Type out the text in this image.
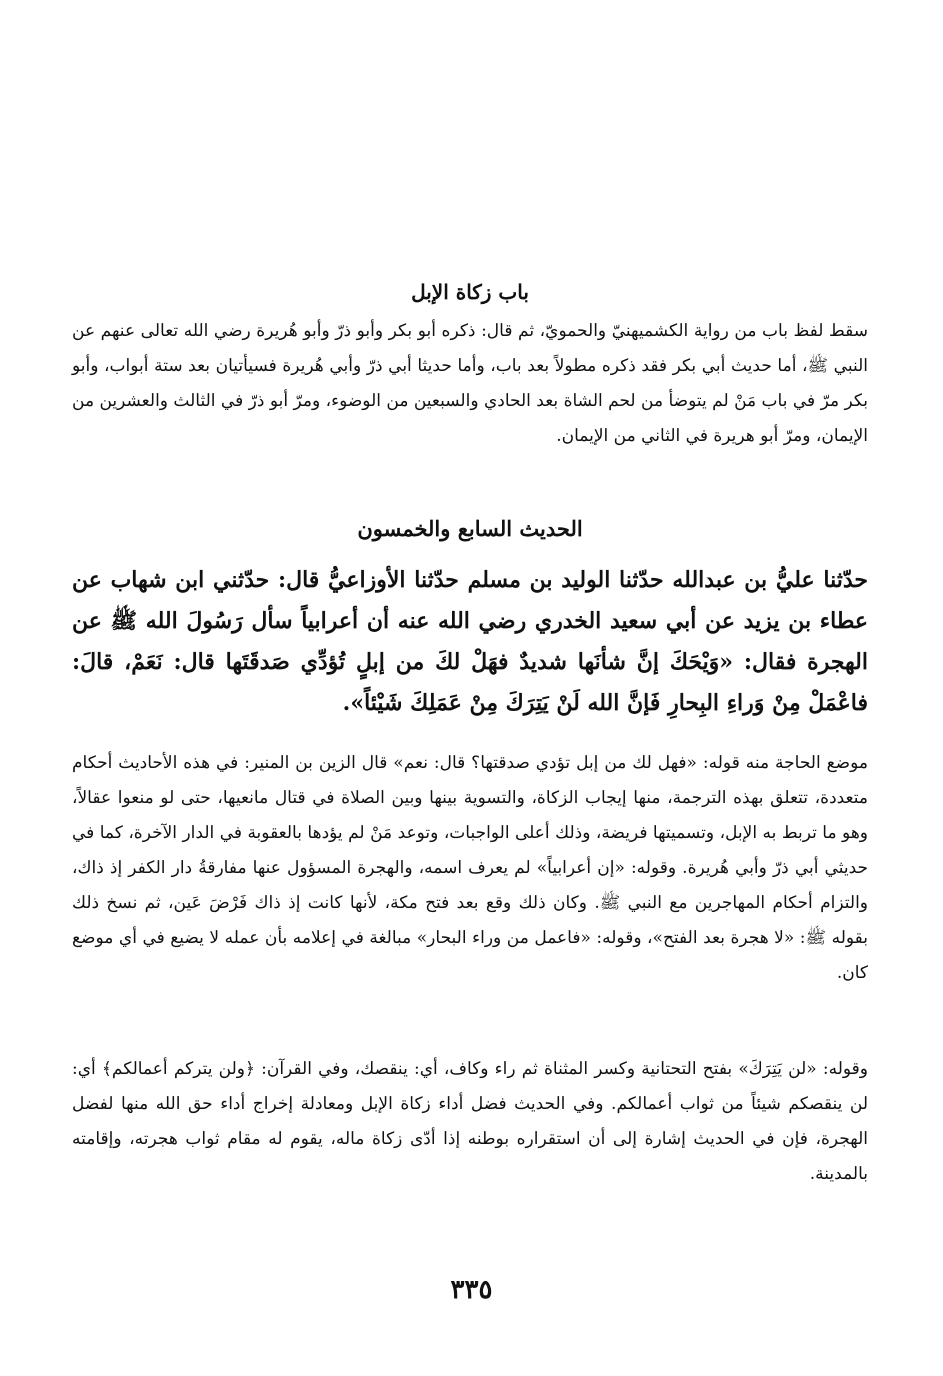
باب زكاة الإبل

سقط لفظ باب من رواية الكشميهنيّ والحمويّ، ثم قال: ذكره أبو بكر وأبو ذرّ وأبو هُريرة رضي الله تعالى عنهم عن النبي ﷺ، أما حديث أبي بكر فقد ذكره مطولاً بعد باب، وأما حديثا أبي ذرّ وأبي هُريرة فسيأتيان بعد ستة أبواب، وأبو بكر مرّ في باب مَنْ لم يتوضأ من لحم الشاة بعد الحادي والسبعين من الوضوء، ومرّ أبو ذرّ في الثالث والعشرين من الإيمان، ومرّ أبو هريرة في الثاني من الإيمان.

الحديث السابع والخمسون

حدّثنا عليُّ بن عبدالله حدّثنا الوليد بن مسلم حدّثنا الأوزاعيُّ قال: حدّثني ابن شهاب عن عطاء بن يزيد عن أبي سعيد الخدري رضي الله عنه أن أعرابياً سأل رَسُولَ الله ﷺ عن الهجرة فقال: «وَيْحَكَ إنَّ شأنَها شديدٌ فهَلْ لكَ من إبلٍ تُؤدِّي صَدقَتَها قال: نَعَمْ، قالَ: فاعْمَلْ مِنْ وَراءِ البِحارِ فَإنَّ الله لَنْ يَتِرَكَ مِنْ عَمَلِكَ شَيْئاً».

موضع الحاجة منه قوله: «فهل لك من إبل تؤدي صدقتها؟ قال: نعم» قال الزين بن المنير: في هذه الأحاديث أحكام متعددة، تتعلق بهذه الترجمة، منها إيجاب الزكاة، والتسوية بينها وبين الصلاة في قتال مانعيها، حتى لو منعوا عقالاً، وهو ما تربط به الإبل، وتسميتها فريضة، وذلك أعلى الواجبات، وتوعد مَنْ لم يؤدها بالعقوبة في الدار الآخرة، كما في حديثي أبي ذرّ وأبي هُريرة. وقوله: «إن أعرابياً» لم يعرف اسمه، والهجرة المسؤول عنها مفارقةُ دار الكفر إذ ذاك، والتزام أحكام المهاجرين مع النبي ﷺ. وكان ذلك وقع بعد فتح مكة، لأنها كانت إذ ذاك فَرْضَ عَين، ثم نسخ ذلك بقوله ﷺ: «لا هجرة بعد الفتح»، وقوله: «فاعمل من وراء البحار» مبالغة في إعلامه بأن عمله لا يضيع في أي موضع كان.

وقوله: «لن يَتِرَكَ» بفتح التحتانية وكسر المثناة ثم راء وكاف، أي: ينقصك، وفي القرآن: ﴿ولن يتركم أعمالكم﴾ أي: لن ينقصكم شيئاً من ثواب أعمالكم. وفي الحديث فضل أداء زكاة الإبل ومعادلة إخراج أداء حق الله منها لفضل الهجرة، فإن في الحديث إشارة إلى أن استقراره بوطنه إذا أدّى زكاة ماله، يقوم له مقام ثواب هجرته، وإقامته بالمدينة.

٣٣٥
